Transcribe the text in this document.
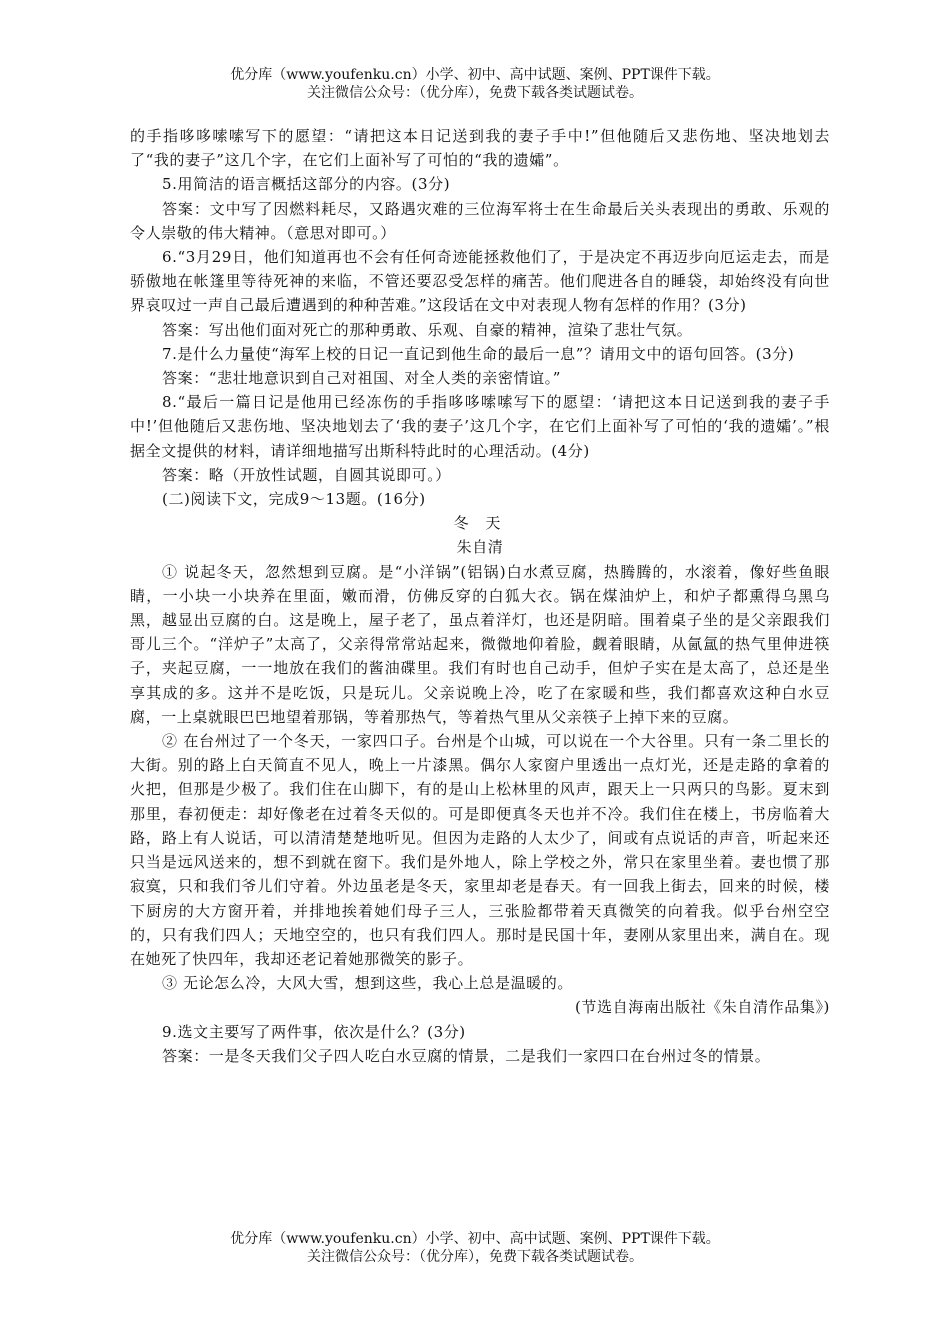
优分库（www.youfenku.cn）小学、初中、高中试题、案例、PPT课件下载。
关注微信公众号：（优分库），免费下载各类试题试卷。

的手指哆哆嗦嗦写下的愿望：“请把这本日记送到我的妻子手中!”但他随后又悲伤地、坚决地划去了“我的妻子”这几个字，在它们上面补写了可怕的“我的遗孀”。

5.用简洁的语言概括这部分的内容。(3分)

答案：文中写了因燃料耗尽，又路遇灾难的三位海军将士在生命最后关头表现出的勇敢、乐观的令人崇敬的伟大精神。（意思对即可。）

6.“3月29日，他们知道再也不会有任何奇迹能拯救他们了，于是决定不再迈步向厄运走去，而是骄傲地在帐篷里等待死神的来临，不管还要忍受怎样的痛苦。他们爬进各自的睡袋，却始终没有向世界哀叹过一声自己最后遭遇到的种种苦难。”这段话在文中对表现人物有怎样的作用？(3分)

答案：写出他们面对死亡的那种勇敢、乐观、自豪的精神，渲染了悲壮气氛。

7.是什么力量使“海军上校的日记一直记到他生命的最后一息”？请用文中的语句回答。(3分)

答案：“悲壮地意识到自己对祖国、对全人类的亲密情谊。”

8.“最后一篇日记是他用已经冻伤的手指哆哆嗦嗦写下的愿望：‘请把这本日记送到我的妻子手中!’但他随后又悲伤地、坚决地划去了‘我的妻子’这几个字，在它们上面补写了可怕的‘我的遗孀’。”根据全文提供的材料，请详细地描写出斯科特此时的心理活动。(4分)

答案：略（开放性试题，自圆其说即可。）

(二)阅读下文，完成9～13题。(16分)

冬 天

朱自清

① 说起冬天，忽然想到豆腐。是“小洋锅”(铝锅)白水煮豆腐，热腾腾的，水滚着，像好些鱼眼睛，一小块一小块养在里面，嫩而滑，仿佛反穿的白狐大衣。锅在煤油炉上，和炉子都熏得乌黑乌黑，越显出豆腐的白。这是晚上，屋子老了，虽点着洋灯，也还是阴暗。围着桌子坐的是父亲跟我们哥儿三个。“洋炉子”太高了，父亲得常常站起来，微微地仰着脸，觑着眼睛，从氤氲的热气里伸进筷子，夹起豆腐，一一地放在我们的酱油碟里。我们有时也自己动手，但炉子实在是太高了，总还是坐享其成的多。这并不是吃饭，只是玩儿。父亲说晚上冷，吃了在家暖和些，我们都喜欢这种白水豆腐，一上桌就眼巴巴地望着那锅，等着那热气，等着热气里从父亲筷子上掉下来的豆腐。

② 在台州过了一个冬天，一家四口子。台州是个山城，可以说在一个大谷里。只有一条二里长的大街。别的路上白天简直不见人，晚上一片漆黑。偶尔人家窗户里透出一点灯光，还是走路的拿着的火把，但那是少极了。我们住在山脚下，有的是山上松林里的风声，跟天上一只两只的鸟影。夏末到那里，春初便走：却好像老在过着冬天似的。可是即便真冬天也并不冷。我们住在楼上，书房临着大路，路上有人说话，可以清清楚楚地听见。但因为走路的人太少了，间或有点说话的声音，听起来还只当是远风送来的，想不到就在窗下。我们是外地人，除上学校之外，常只在家里坐着。妻也惯了那寂寞，只和我们爷儿们守着。外边虽老是冬天，家里却老是春天。有一回我上街去，回来的时候，楼下厨房的大方窗开着，并排地挨着她们母子三人，三张脸都带着天真微笑的向着我。似乎台州空空的，只有我们四人；天地空空的，也只有我们四人。那时是民国十年，妻刚从家里出来，满自在。现在她死了快四年，我却还老记着她那微笑的影子。

③ 无论怎么冷，大风大雪，想到这些，我心上总是温暖的。

(节选自海南出版社《朱自清作品集》)

9.选文主要写了两件事，依次是什么？(3分)

答案：一是冬天我们父子四人吃白水豆腐的情景，二是我们一家四口在台州过冬的情景。

优分库（www.youfenku.cn）小学、初中、高中试题、案例、PPT课件下载。
关注微信公众号：（优分库），免费下载各类试题试卷。
